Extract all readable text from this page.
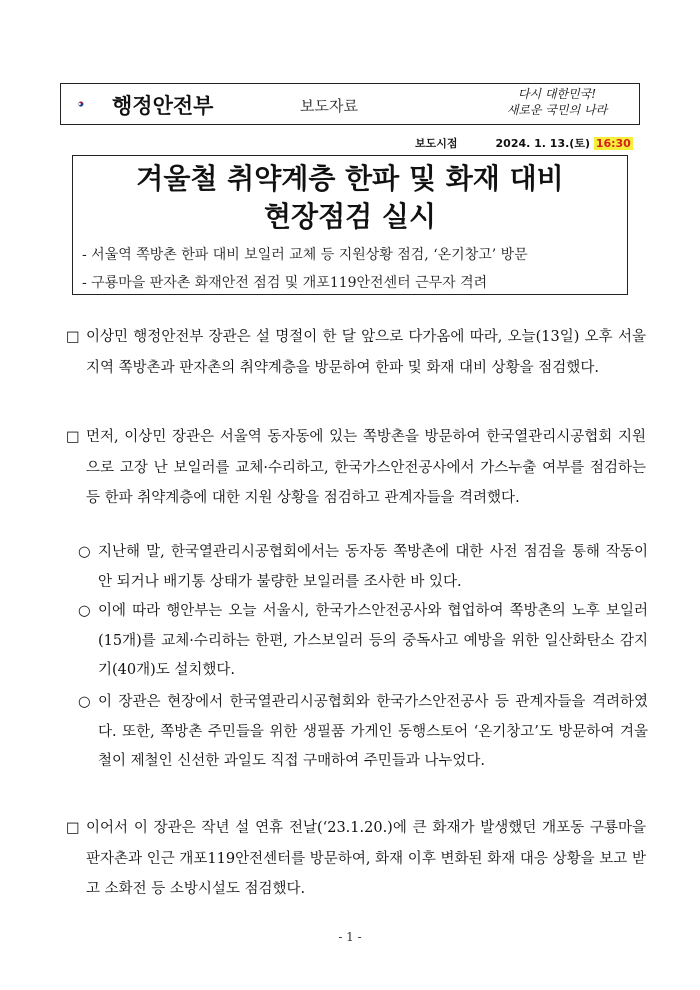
행정안전부	보도자료
다시 대한민국!
새로운 국민의 나라
보도시점	2024. 1. 13.(토) 16:30
겨울철 취약계층 한파 및 화재 대비
현장점검 실시
- 서울역 쪽방촌 한파 대비 보일러 교체 등 지원상황 점검, ‘온기창고’ 방문
- 구룡마을 판자촌 화재안전 점검 및 개포119안전센터 근무자 격려
□ 이상민 행정안전부 장관은 설 명절이 한 달 앞으로 다가옴에 따라, 오늘(13일) 오후 서울 지역 쪽방촌과 판자촌의 취약계층을 방문하여 한파 및 화재 대비 상황을 점검했다.
□ 먼저, 이상민 장관은 서울역 동자동에 있는 쪽방촌을 방문하여 한국열관리시공협회 지원으로 고장 난 보일러를 교체·수리하고, 한국가스안전공사에서 가스누출 여부를 점검하는 등 한파 취약계층에 대한 지원 상황을 점검하고 관계자들을 격려했다.
○ 지난해 말, 한국열관리시공협회에서는 동자동 쪽방촌에 대한 사전 점검을 통해 작동이 안 되거나 배기통 상태가 불량한 보일러를 조사한 바 있다.
○ 이에 따라 행안부는 오늘 서울시, 한국가스안전공사와 협업하여 쪽방촌의 노후 보일러(15개)를 교체·수리하는 한편, 가스보일러 등의 중독사고 예방을 위한 일산화탄소 감지기(40개)도 설치했다.
○ 이 장관은 현장에서 한국열관리시공협회와 한국가스안전공사 등 관계자들을 격려하였다. 또한, 쪽방촌 주민들을 위한 생필품 가게인 동행스토어 ‘온기창고’도 방문하여 겨울철이 제철인 신선한 과일도 직접 구매하여 주민들과 나누었다.
□ 이어서 이 장관은 작년 설 연휴 전날(‘23.1.20.)에 큰 화재가 발생했던 개포동 구룡마을 판자촌과 인근 개포119안전센터를 방문하여, 화재 이후 변화된 화재 대응 상황을 보고 받고 소화전 등 소방시설도 점검했다.
- 1 -
